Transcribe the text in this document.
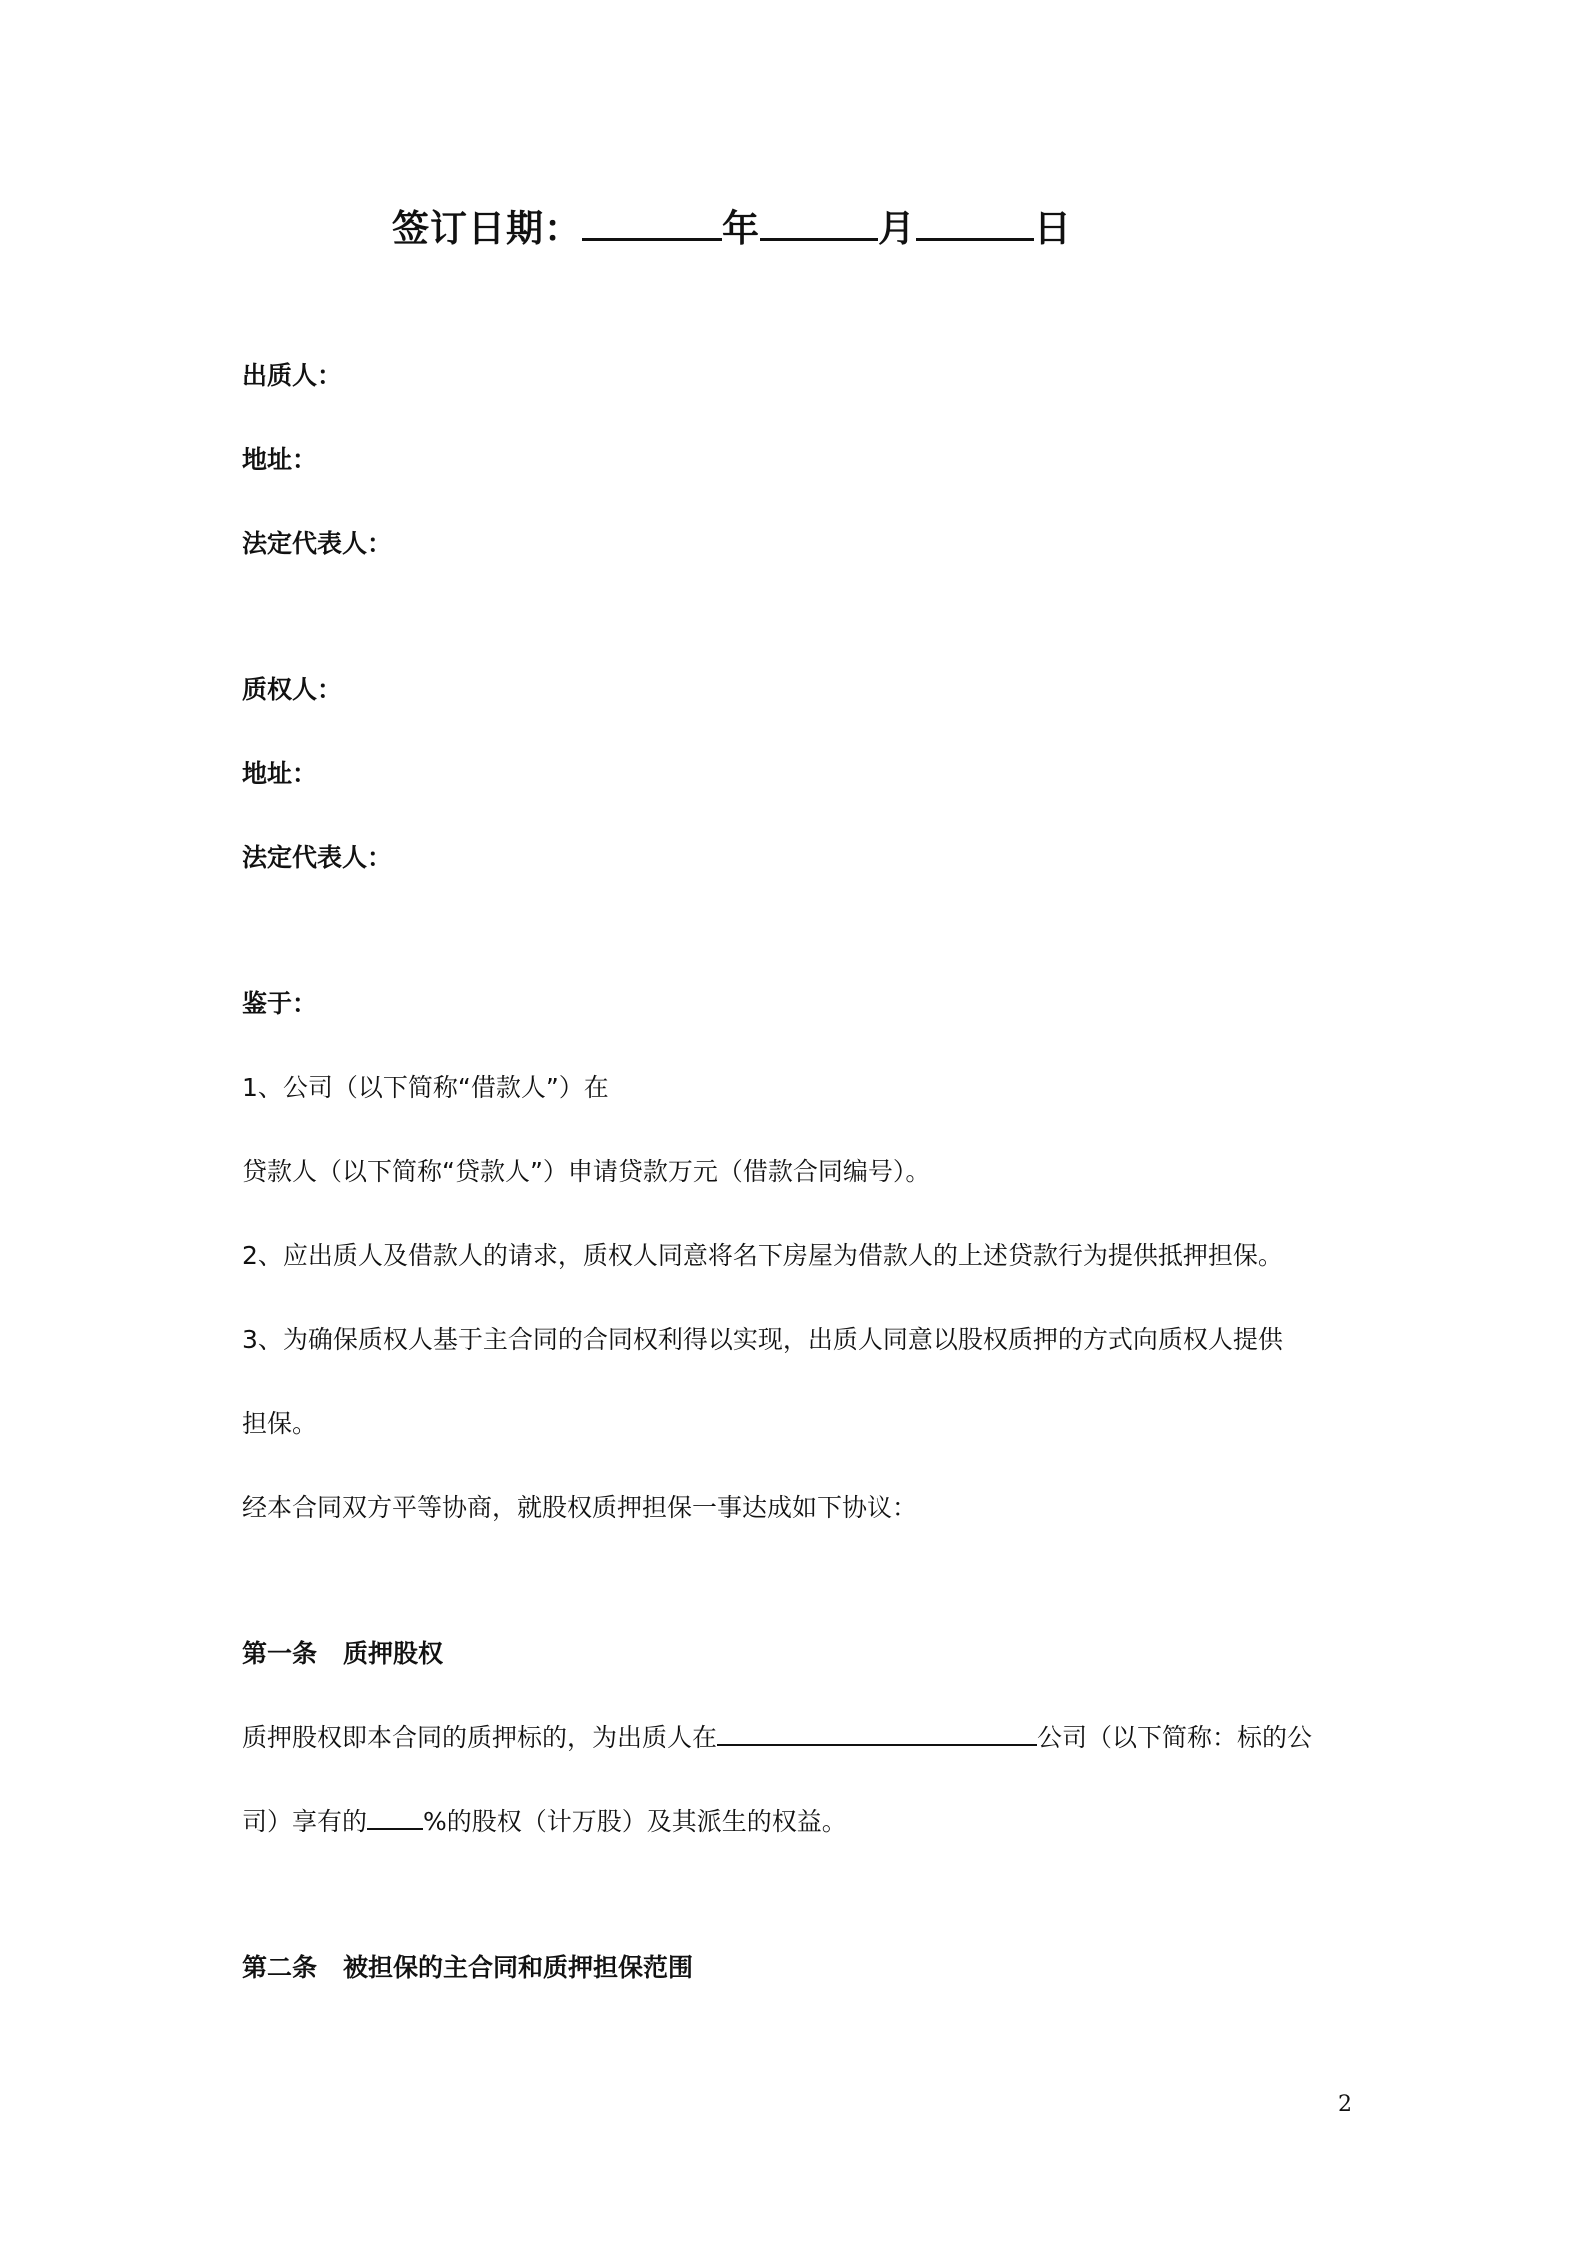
签订日期：	年	月	日
出质人：
地址：
法定代表人：
质权人：
地址：
法定代表人：
鉴于：
1、公司（以下简称“借款人”）在
贷款人（以下简称“贷款人”）申请贷款万元（借款合同编号）。
2、应出质人及借款人的请求，质权人同意将名下房屋为借款人的上述贷款行为提供抵押担保。
3、为确保质权人基于主合同的合同权利得以实现，出质人同意以股权质押的方式向质权人提供
担保。
经本合同双方平等协商，就股权质押担保一事达成如下协议：
第一条 质押股权
质押股权即本合同的质押标的，为出质人在	公司（以下简称：标的公
司）享有的 %的股权（计万股）及其派生的权益。
第二条 被担保的主合同和质押担保范围
2
